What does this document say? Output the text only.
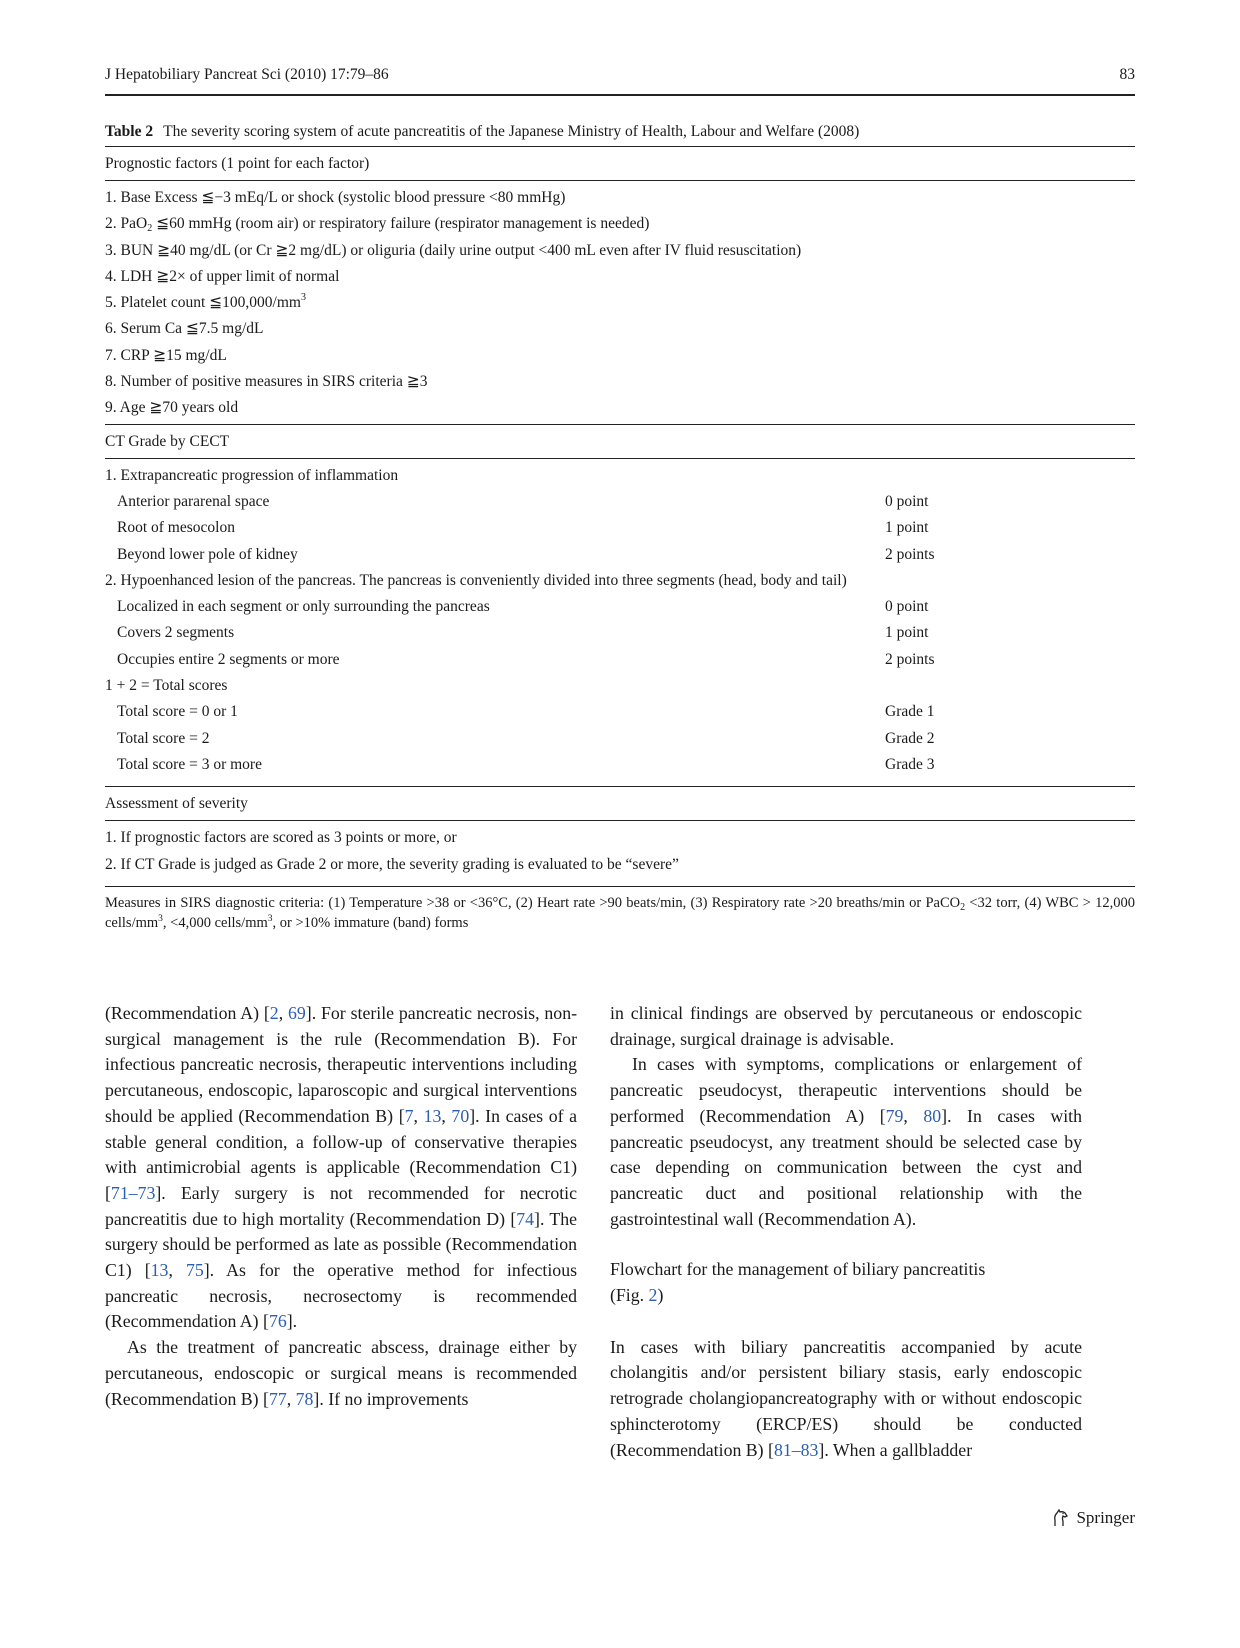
J Hepatobiliary Pancreat Sci (2010) 17:79–86	83
Table 2 The severity scoring system of acute pancreatitis of the Japanese Ministry of Health, Labour and Welfare (2008)
Prognostic factors (1 point for each factor)
1. Base Excess ≦−3 mEq/L or shock (systolic blood pressure <80 mmHg)
2. PaO$_2$ ≦60 mmHg (room air) or respiratory failure (respirator management is needed)
3. BUN ≧40 mg/dL (or Cr ≧2 mg/dL) or oliguria (daily urine output <400 mL even after IV fluid resuscitation)
4. LDH ≧2× of upper limit of normal
5. Platelet count $≦100,000/mm^3$
6. Serum Ca ≦7.5 mg/dL
7. CRP ≧15 mg/dL
8. Number of positive measures in SIRS criteria ≧3
9. Age ≧70 years old
CT Grade by CECT
1. Extrapancreatic progression of inflammation
Anterior pararenal space	0 point
Root of mesocolon	1 point
Beyond lower pole of kidney	2 points
2. Hypoenhanced lesion of the pancreas. The pancreas is conveniently divided into three segments (head, body and tail)
Localized in each segment or only surrounding the pancreas	0 point
Covers 2 segments	1 point
Occupies entire 2 segments or more	2 points
1 + 2 = Total scores
Total score = 0 or 1	Grade 1
Total score = 2	Grade 2
Total score = 3 or more	Grade 3
Assessment of severity
1. If prognostic factors are scored as 3 points or more, or
2. If CT Grade is judged as Grade 2 or more, the severity grading is evaluated to be “severe”
Measures in SIRS diagnostic criteria: (1) Temperature >38 or <36°C, (2) Heart rate >90 beats/min, (3) Respiratory rate >20 breaths/min or PaCO$_2$ <32 torr, (4) WBC > 12,000 cells/$mm^3$, <4,000 cells/$mm^3$, or >10% immature (band) forms

(Recommendation A) [2, 69]. For sterile pancreatic necrosis, non-surgical management is the rule (Recommendation B). For infectious pancreatic necrosis, therapeutic interventions including percutaneous, endoscopic, laparoscopic and surgical interventions should be applied (Recommendation B) [7, 13, 70]. In cases of a stable general condition, a follow-up of conservative therapies with antimicrobial agents is applicable (Recommendation C1) [71–73]. Early surgery is not recommended for necrotic pancreatitis due to high mortality (Recommendation D) [74]. The surgery should be performed as late as possible (Recommendation C1) [13, 75]. As for the operative method for infectious pancreatic necrosis, necrosectomy is recommended (Recommendation A) [76].

As the treatment of pancreatic abscess, drainage either by percutaneous, endoscopic or surgical means is recommended (Recommendation B) [77, 78]. If no improvements

in clinical findings are observed by percutaneous or endoscopic drainage, surgical drainage is advisable.

In cases with symptoms, complications or enlargement of pancreatic pseudocyst, therapeutic interventions should be performed (Recommendation A) [79, 80]. In cases with pancreatic pseudocyst, any treatment should be selected case by case depending on communication between the cyst and pancreatic duct and positional relationship with the gastrointestinal wall (Recommendation A).

Flowchart for the management of biliary pancreatitis
(Fig. 2)

In cases with biliary pancreatitis accompanied by acute cholangitis and/or persistent biliary stasis, early endoscopic retrograde cholangiopancreatography with or without endoscopic sphincterotomy (ERCP/ES) should be conducted (Recommendation B) [81–83]. When a gallbladder

Springer
